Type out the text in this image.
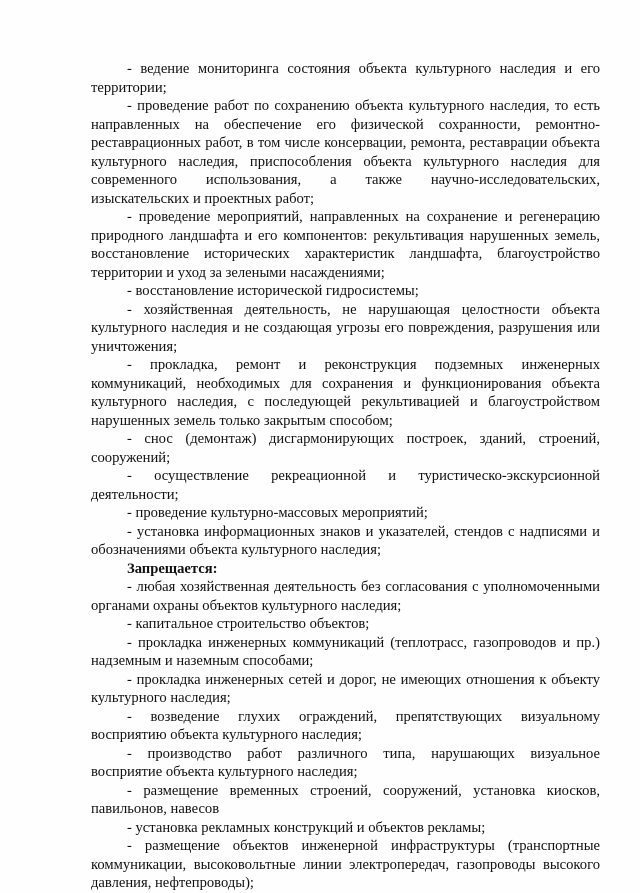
- ведение мониторинга состояния объекта культурного наследия и его территории;

- проведение работ по сохранению объекта культурного наследия, то есть направленных на обеспечение его физической сохранности, ремонтно-реставрационных работ, в том числе консервации, ремонта, реставрации объекта культурного наследия, приспособления объекта культурного наследия для современного использования, а также научно-исследовательских, изыскательских и проектных работ;

- проведение мероприятий, направленных на сохранение и регенерацию природного ландшафта и его компонентов: рекультивация нарушенных земель, восстановление исторических характеристик ландшафта, благоустройство территории и уход за зелеными насаждениями;

- восстановление исторической гидросистемы;

- хозяйственная деятельность, не нарушающая целостности объекта культурного наследия и не создающая угрозы его повреждения, разрушения или уничтожения;

- прокладка, ремонт и реконструкция подземных инженерных коммуникаций, необходимых для сохранения и функционирования объекта культурного наследия, с последующей рекультивацией и благоустройством нарушенных земель только закрытым способом;

- снос (демонтаж) дисгармонирующих построек, зданий, строений, сооружений;

- осуществление рекреационной и туристическо-экскурсионной деятельности;

- проведение культурно-массовых мероприятий;

- установка информационных знаков и указателей, стендов с надписями и обозначениями объекта культурного наследия;

Запрещается:

- любая хозяйственная деятельность без согласования с уполномоченными органами охраны объектов культурного наследия;

- капитальное строительство объектов;

- прокладка инженерных коммуникаций (теплотрасс, газопроводов и пр.) надземным и наземным способами;

- прокладка инженерных сетей и дорог, не имеющих отношения к объекту культурного наследия;

- возведение глухих ограждений, препятствующих визуальному восприятию объекта культурного наследия;

- производство работ различного типа, нарушающих визуальное восприятие объекта культурного наследия;

- размещение временных строений, сооружений, установка киосков, павильонов, навесов

- установка рекламных конструкций и объектов рекламы;

- размещение объектов инженерной инфраструктуры (транспортные коммуникации, высоковольтные линии электропередач, газопроводы высокого давления, нефтепроводы);
